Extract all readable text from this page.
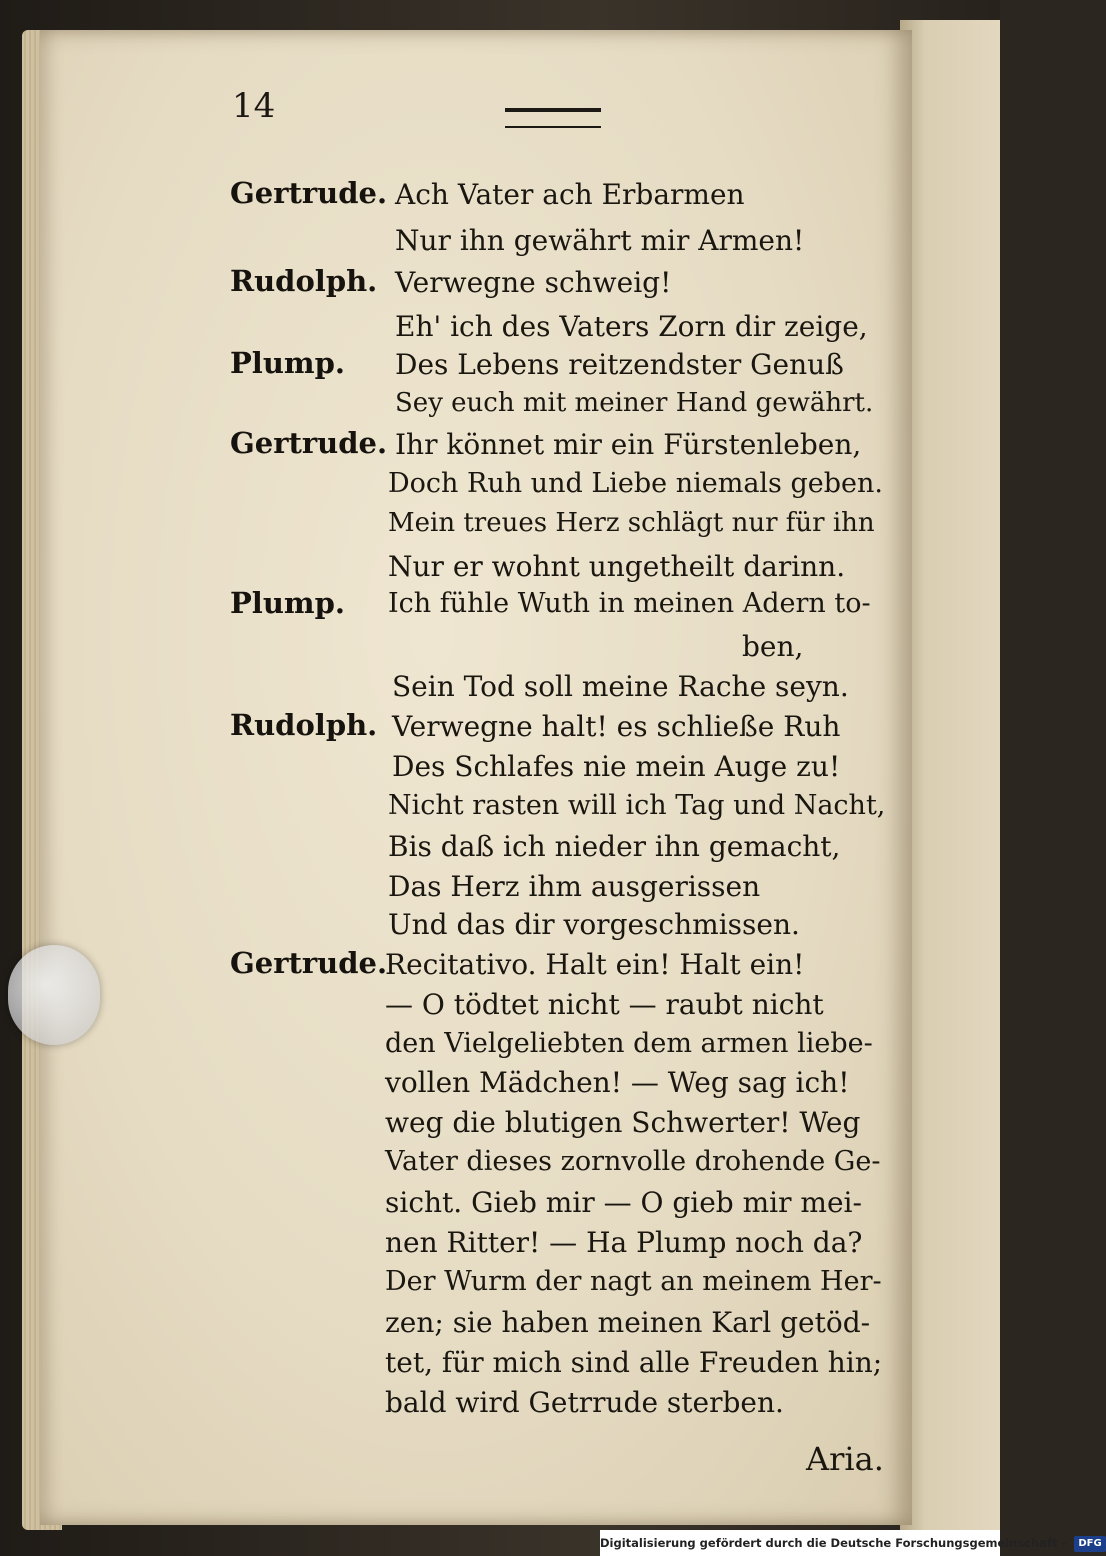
14
Gertrude. Ach Vater ach Erbarmen
Nur ihn gewährt mir Armen!
Rudolph. Verwegne schweig!
Eh' ich des Vaters Zorn dir zeige,
Plump. Des Lebens reitzendster Genuß
Sey euch mit meiner Hand gewährt.
Gertrude. Ihr könnet mir ein Fürstenleben,
Doch Ruh und Liebe niemals geben.
Mein treues Herz schlägt nur für ihn
Nur er wohnt ungetheilt darinn.
Plump. Ich fühle Wuth in meinen Adern to-
ben,
Sein Tod soll meine Rache seyn.
Rudolph. Verwegne halt! es schließe Ruh
Des Schlafes nie mein Auge zu!
Nicht rasten will ich Tag und Nacht,
Bis daß ich nieder ihn gemacht,
Das Herz ihm ausgerissen
Und das dir vorgeschmissen.
Gertrude.
Recitativo. Halt ein! Halt ein!
— O tödtet nicht — raubt nicht
den Vielgeliebten dem armen liebe-
vollen Mädchen! — Weg sag ich!
weg die blutigen Schwerter! Weg
Vater dieses zornvolle drohende Ge-
sicht. Gieb mir — O gieb mir mei-
nen Ritter! — Ha Plump noch da?
Der Wurm der nagt an meinem Her-
zen; sie haben meinen Karl getöd-
tet, für mich sind alle Freuden hin;
bald wird Getrrude sterben.
Aria.
Digitalisierung gefördert durch die Deutsche Forschungsgemeinschaft - DFG
